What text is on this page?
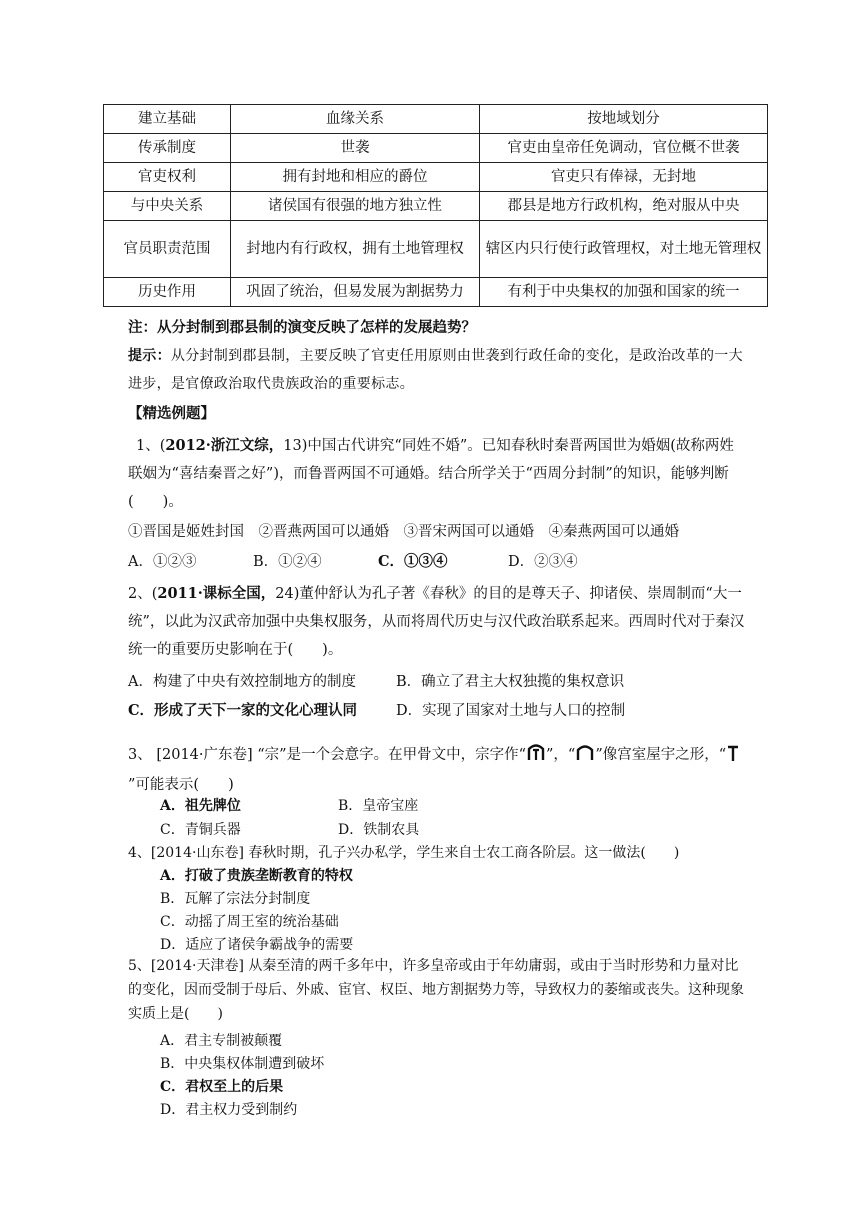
建立基础	血缘关系	按地域划分
传承制度	世袭	官吏由皇帝任免调动，官位概不世袭
官吏权利	拥有封地和相应的爵位	官吏只有俸禄，无封地
与中央关系	诸侯国有很强的地方独立性	郡县是地方行政机构，绝对服从中央
官员职责范围	封地内有行政权，拥有土地管理权	辖区内只行使行政管理权，对土地无管理权
历史作用	巩固了统治，但易发展为割据势力	有利于中央集权的加强和国家的统一
注：从分封制到郡县制的演变反映了怎样的发展趋势？
提示：从分封制到郡县制，主要反映了官吏任用原则由世袭到行政任命的变化，是政治改革的一大进步，是官僚政治取代贵族政治的重要标志。
【精选例题】
1、(2012·浙江文综，13)中国古代讲究“同姓不婚”。已知春秋时秦晋两国世为婚姻(故称两姓联姻为“喜结秦晋之好”)，而鲁晋两国不可通婚。结合所学关于“西周分封制”的知识，能够判断(　　)。
①晋国是姬姓封国　②晋燕两国可以通婚　③晋宋两国可以通婚　④秦燕两国可以通婚
A．①②③	B．①②④	C．①③④	D．②③④
2、(2011·课标全国，24)董仲舒认为孔子著《春秋》的目的是尊天子、抑诸侯、崇周制而“大一统”，以此为汉武帝加强中央集权服务，从而将周代历史与汉代政治联系起来。西周时代对于秦汉统一的重要历史影响在于(　　)。
A．构建了中央有效控制地方的制度	B．确立了君主大权独揽的集权意识
C．形成了天下一家的文化心理认同	D．实现了国家对土地与人口的控制
3、 [2014·广东卷] “宗”是一个会意字。在甲骨文中，宗字作“ ”，“ ”像宫室屋宇之形，“”可能表示(　　)
A．祖先牌位	B．皇帝宝座
C．青铜兵器	D．铁制农具
4、[2014·山东卷] 春秋时期，孔子兴办私学，学生来自士农工商各阶层。这一做法(　　)
A．打破了贵族垄断教育的特权
B．瓦解了宗法分封制度
C．动摇了周王室的统治基础
D．适应了诸侯争霸战争的需要
5、[2014·天津卷] 从秦至清的两千多年中，许多皇帝或由于年幼庸弱，或由于当时形势和力量对比的变化，因而受制于母后、外戚、宦官、权臣、地方割据势力等，导致权力的萎缩或丧失。这种现象实质上是(　　)
A．君主专制被颠覆
B．中央集权体制遭到破坏
C．君权至上的后果
D．君主权力受到制约
